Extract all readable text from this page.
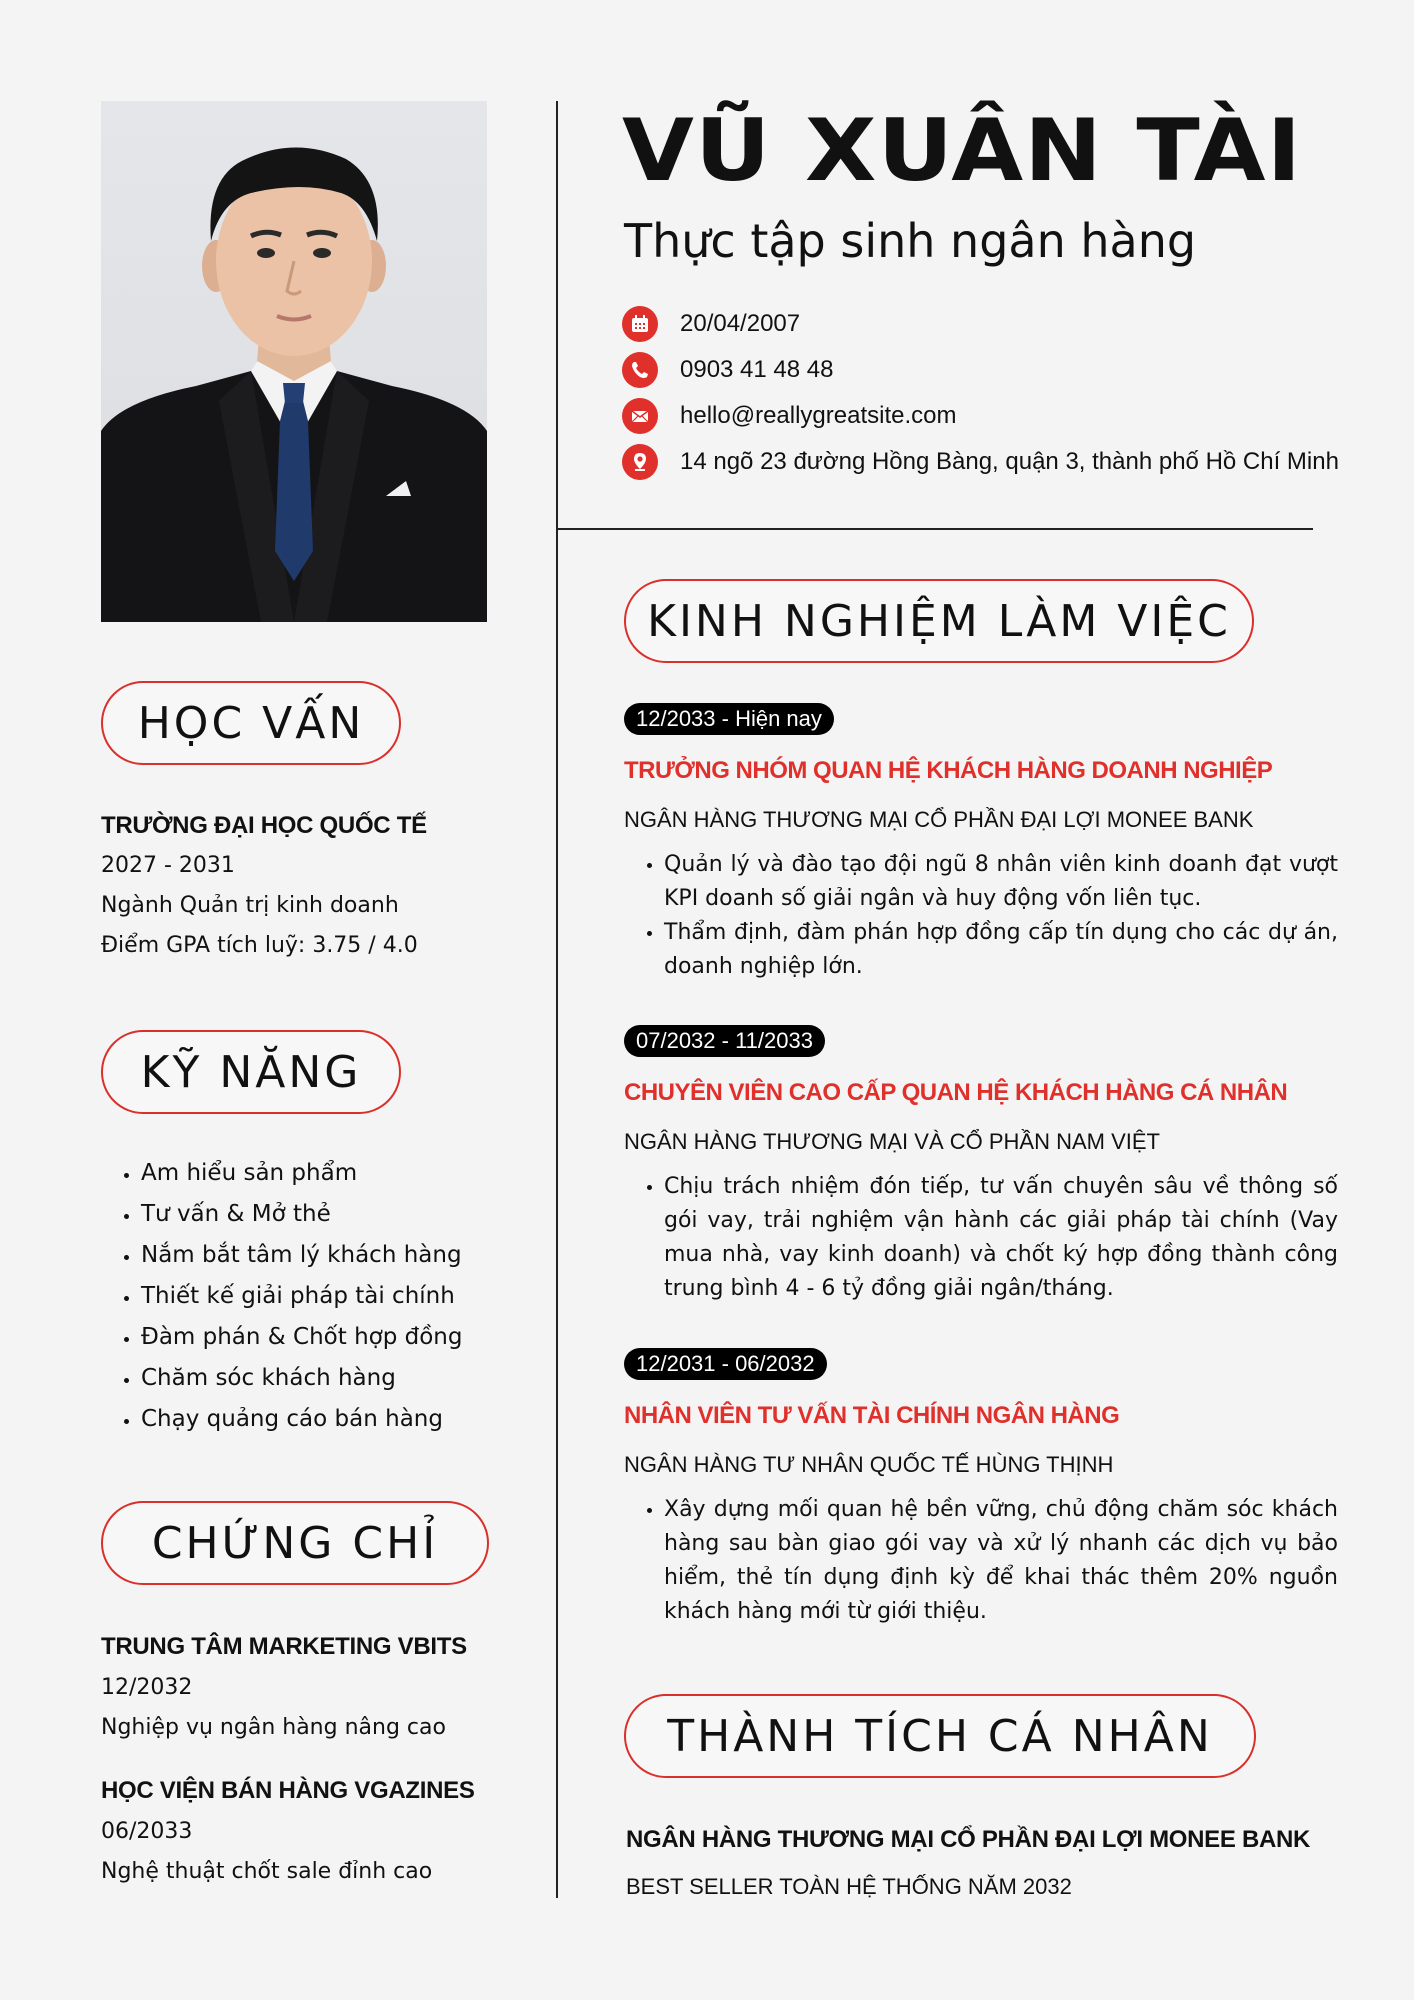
VŨ XUÂN TÀI
Thực tập sinh ngân hàng
20/04/2007
0903 41 48 48
hello@reallygreatsite.com
14 ngõ 23 đường Hồng Bàng, quận 3, thành phố Hồ Chí Minh
HỌC VẤN
TRƯỜNG ĐẠI HỌC QUỐC TẾ
2027 - 2031
Ngành Quản trị kinh doanh
Điểm GPA tích luỹ: 3.75 / 4.0
KỸ NĂNG
• Am hiểu sản phẩm
• Tư vấn & Mở thẻ
• Nắm bắt tâm lý khách hàng
• Thiết kế giải pháp tài chính
• Đàm phán & Chốt hợp đồng
• Chăm sóc khách hàng
• Chạy quảng cáo bán hàng
CHỨNG CHỈ
TRUNG TÂM MARKETING VBITS
12/2032
Nghiệp vụ ngân hàng nâng cao
HỌC VIỆN BÁN HÀNG VGAZINES
06/2033
Nghệ thuật chốt sale đỉnh cao
KINH NGHIỆM LÀM VIỆC
12/2033 - Hiện nay
TRƯỞNG NHÓM QUAN HỆ KHÁCH HÀNG DOANH NGHIỆP
NGÂN HÀNG THƯƠNG MẠI CỔ PHẦN ĐẠI LỢI MONEE BANK
• Quản lý và đào tạo đội ngũ 8 nhân viên kinh doanh đạt vượt KPI doanh số giải ngân và huy động vốn liên tục.
• Thẩm định, đàm phán hợp đồng cấp tín dụng cho các dự án, doanh nghiệp lớn.
07/2032 - 11/2033
CHUYÊN VIÊN CAO CẤP QUAN HỆ KHÁCH HÀNG CÁ NHÂN
NGÂN HÀNG THƯƠNG MẠI VÀ CỔ PHẦN NAM VIỆT
• Chịu trách nhiệm đón tiếp, tư vấn chuyên sâu về thông số gói vay, trải nghiệm vận hành các giải pháp tài chính (Vay mua nhà, vay kinh doanh) và chốt ký hợp đồng thành công trung bình 4 - 6 tỷ đồng giải ngân/tháng.
12/2031 - 06/2032
NHÂN VIÊN TƯ VẤN TÀI CHÍNH NGÂN HÀNG
NGÂN HÀNG TƯ NHÂN QUỐC TẾ HÙNG THỊNH
• Xây dựng mối quan hệ bền vững, chủ động chăm sóc khách hàng sau bàn giao gói vay và xử lý nhanh các dịch vụ bảo hiểm, thẻ tín dụng định kỳ để khai thác thêm 20% nguồn khách hàng mới từ giới thiệu.
THÀNH TÍCH CÁ NHÂN
NGÂN HÀNG THƯƠNG MẠI CỔ PHẦN ĐẠI LỢI MONEE BANK
BEST SELLER TOÀN HỆ THỐNG NĂM 2032
